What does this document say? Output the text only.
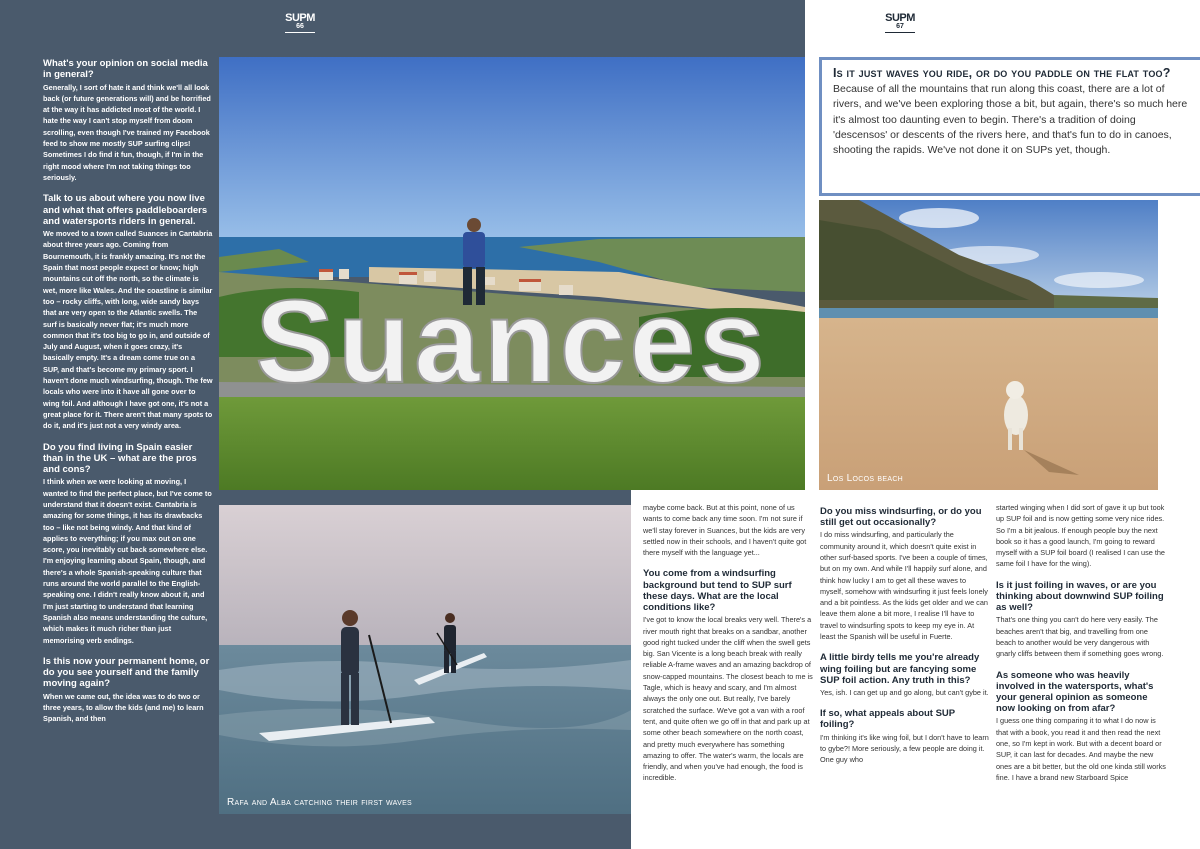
SUPM
66
SUPM
67
What's your opinion on social media in general?

Generally, I sort of hate it and think we'll all look back (or future generations will) and be horrified at the way it has addicted most of the world. I hate the way I can't stop myself from doom scrolling, even though I've trained my Facebook feed to show me mostly SUP surfing clips! Sometimes I do find it fun, though, if I'm in the right mood where I'm not taking things too seriously.

Talk to us about where you now live and what that offers paddleboarders and watersports riders in general.

We moved to a town called Suances in Cantabria about three years ago. Coming from Bournemouth, it is frankly amazing. It's not the Spain that most people expect or know; high mountains cut off the north, so the climate is wet, more like Wales. And the coastline is similar too – rocky cliffs, with long, wide sandy bays that are very open to the Atlantic swells. The surf is basically never flat; it's much more common that it's too big to go in, and outside of July and August, when it goes crazy, it's basically empty. It's a dream come true on a SUP, and that's become my primary sport. I haven't done much windsurfing, though. The few locals who were into it have all gone over to wing foil. And although I have got one, it's not a great place for it. There aren't that many spots to do it, and it's just not a very windy area.

Do you find living in Spain easier than in the UK – what are the pros and cons?

I think when we were looking at moving, I wanted to find the perfect place, but I've come to understand that it doesn't exist. Cantabria is amazing for some things, it has its drawbacks too – like not being windy. And that kind of applies to everything; if you max out on one score, you inevitably cut back somewhere else. I'm enjoying learning about Spain, though, and there's a whole Spanish-speaking culture that runs around the world parallel to the English-speaking one. I didn't really know about it, and I'm just starting to understand that learning Spanish also means understanding the culture, which makes it much richer than just memorising verb endings.

Is this now your permanent home, or do you see yourself and the family moving again?

When we came out, the idea was to do two or three years, to allow the kids (and me) to learn Spanish, and then

Suances
Rafa and Alba catching their first waves

maybe come back. But at this point, none of us wants to come back any time soon. I'm not sure if we'll stay forever in Suances, but the kids are very settled now in their schools, and I haven't quite got there myself with the language yet...

You come from a windsurfing background but tend to SUP surf these days. What are the local conditions like?

I've got to know the local breaks very well. There's a river mouth right that breaks on a sandbar, another good right tucked under the cliff when the swell gets big. San Vicente is a long beach break with really reliable A-frame waves and an amazing backdrop of snow-capped mountains. The closest beach to me is Tagle, which is heavy and scary, and I'm almost always the only one out. But really, I've barely scratched the surface. We've got a van with a roof tent, and quite often we go off in that and park up at some other beach somewhere on the north coast, and pretty much everywhere has something amazing to offer. The water's warm, the locals are friendly, and when you've had enough, the food is incredible.

Is it just waves you ride, or do you paddle on the flat too?

Because of all the mountains that run along this coast, there are a lot of rivers, and we've been exploring those a bit, but again, there's so much here it's almost too daunting even to begin. There's a tradition of doing 'descensos' or descents of the rivers here, and that's fun to do in canoes, shooting the rapids. We've not done it on SUPs yet, though.

Los Locos beach
Do you miss windsurfing, or do you still get out occasionally?

I do miss windsurfing, and particularly the community around it, which doesn't quite exist in other surf-based sports. I've been a couple of times, but on my own. And while I'll happily surf alone, and think how lucky I am to get all these waves to myself, somehow with windsurfing it just feels lonely and a bit pointless. As the kids get older and we can leave them alone a bit more, I realise I'll have to travel to windsurfing spots to keep my eye in. At least the Spanish will be useful in Fuerte.

A little birdy tells me you're already wing foiling but are fancying some SUP foil action. Any truth in this?

Yes, ish. I can get up and go along, but can't gybe it.

If so, what appeals about SUP foiling?

I'm thinking it's like wing foil, but I don't have to learn to gybe?! More seriously, a few people are doing it. One guy who

started winging when I did sort of gave it up but took up SUP foil and is now getting some very nice rides. So I'm a bit jealous. If enough people buy the next book so it has a good launch, I'm going to reward myself with a SUP foil board (I realised I can use the same foil I have for the wing).

Is it just foiling in waves, or are you thinking about downwind SUP foiling as well?

That's one thing you can't do here very easily. The beaches aren't that big, and travelling from one beach to another would be very dangerous with gnarly cliffs between them if something goes wrong.

As someone who was heavily involved in the watersports, what's your general opinion as someone now looking on from afar?

I guess one thing comparing it to what I do now is that with a book, you read it and then read the next one, so I'm kept in work. But with a decent board or SUP, it can last for decades. And maybe the new ones are a bit better, but the old one kinda still works fine. I have a brand new Starboard Spice
